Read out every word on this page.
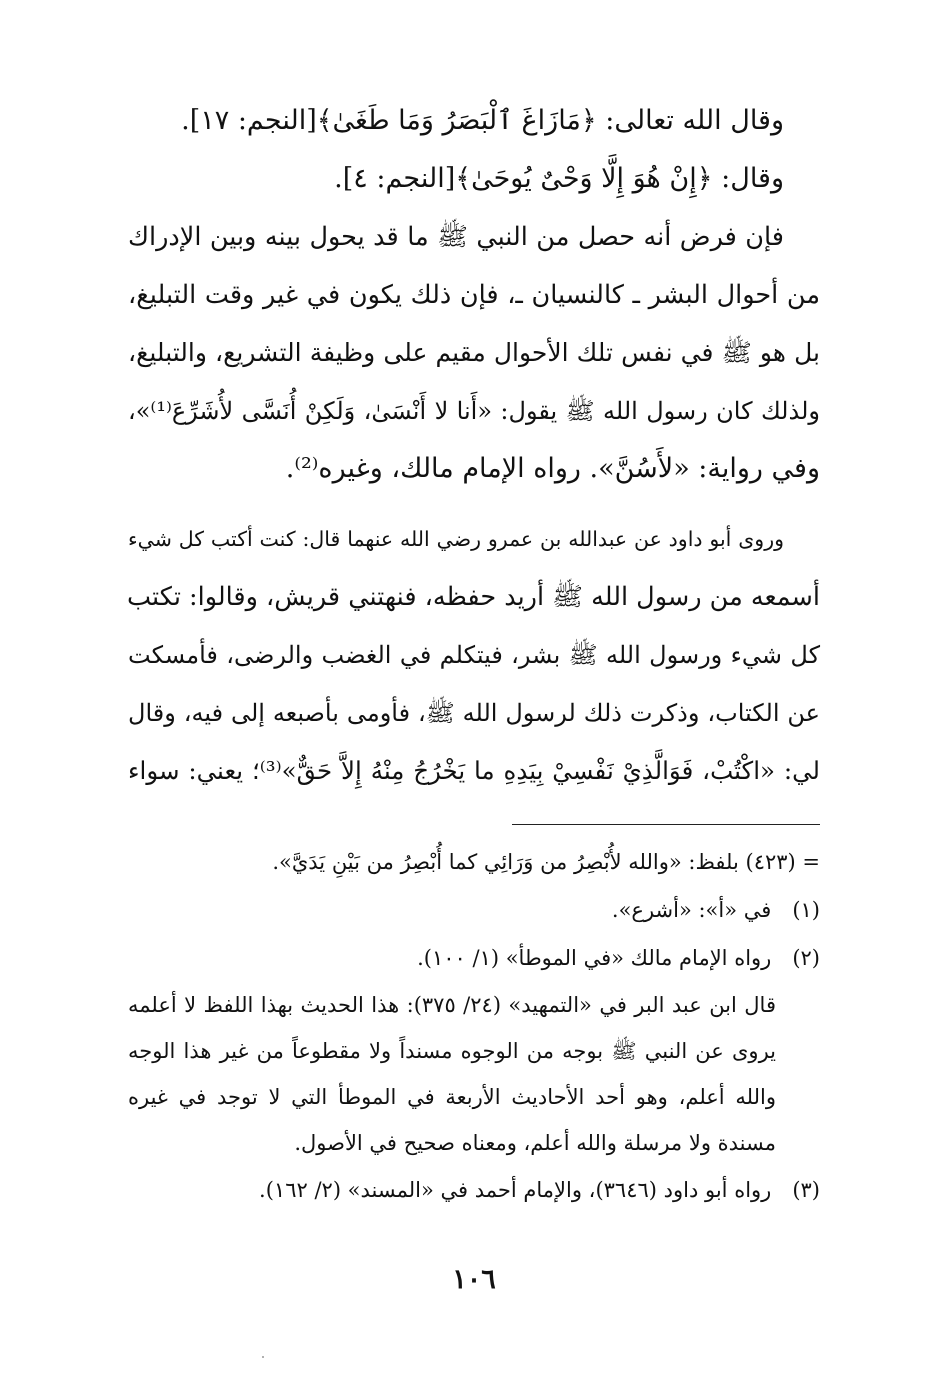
وقال الله تعالى: ﴿مَازَاغَ ٱلْبَصَرُ وَمَا طَغَىٰ﴾[النجم: ١٧].
وقال: ﴿إِنْ هُوَ إِلَّا وَحْىٌ يُوحَىٰ﴾[النجم: ٤].
فإن فرض أنه حصل من النبي ﷺ ما قد يحول بينه وبين الإدراك
من أحوال البشر ـ كالنسيان ـ، فإن ذلك يكون في غير وقت التبليغ،
بل هو ﷺ في نفس تلك الأحوال مقيم على وظيفة التشريع، والتبليغ،
ولذلك كان رسول الله ﷺ يقول: «أَنا لا أَنْسَىٰ، وَلَكِنْ أُنَسَّى لأُشَرِّعَ⁽¹⁾»،
وفي رواية: «لأَسُنَّ». رواه الإمام مالك، وغيره⁽²⁾.
وروى أبو داود عن عبدالله بن عمرو رضي الله عنهما قال: كنت أكتب كل شيء
أسمعه من رسول الله ﷺ أريد حفظه، فنهتني قريش، وقالوا: تكتب
كل شيء ورسول الله ﷺ بشر، فيتكلم في الغضب والرضى، فأمسكت
عن الكتاب، وذكرت ذلك لرسول الله ﷺ، فأومى بأصبعه إلى فيه، وقال
لي: «اكْتُبْ، فَوَالَّذِيْ نَفْسِيْ بِيَدِهِ ما يَخْرُجُ مِنْهُ إِلاَّ حَقٌّ»⁽³⁾؛ يعني: سواء
= (٤٢٣) بلفظ: «والله لأُبْصِرُ من وَرَائِي كما أُبْصِرُ من بَيْنِ يَدَيَّ».
(١) في «أ»: «أشرع».
(٢) رواه الإمام مالك «في الموطأ» (١/ ١٠٠).
قال ابن عبد البر في «التمهيد» (٢٤/ ٣٧٥): هذا الحديث بهذا اللفظ لا أعلمه
يروى عن النبي ﷺ بوجه من الوجوه مسنداً ولا مقطوعاً من غير هذا الوجه
والله أعلم، وهو أحد الأحاديث الأربعة في الموطأ التي لا توجد في غيره
مسندة ولا مرسلة والله أعلم، ومعناه صحيح في الأصول.
(٣) رواه أبو داود (٣٦٤٦)، والإمام أحمد في «المسند» (٢/ ١٦٢).
١٠٦
